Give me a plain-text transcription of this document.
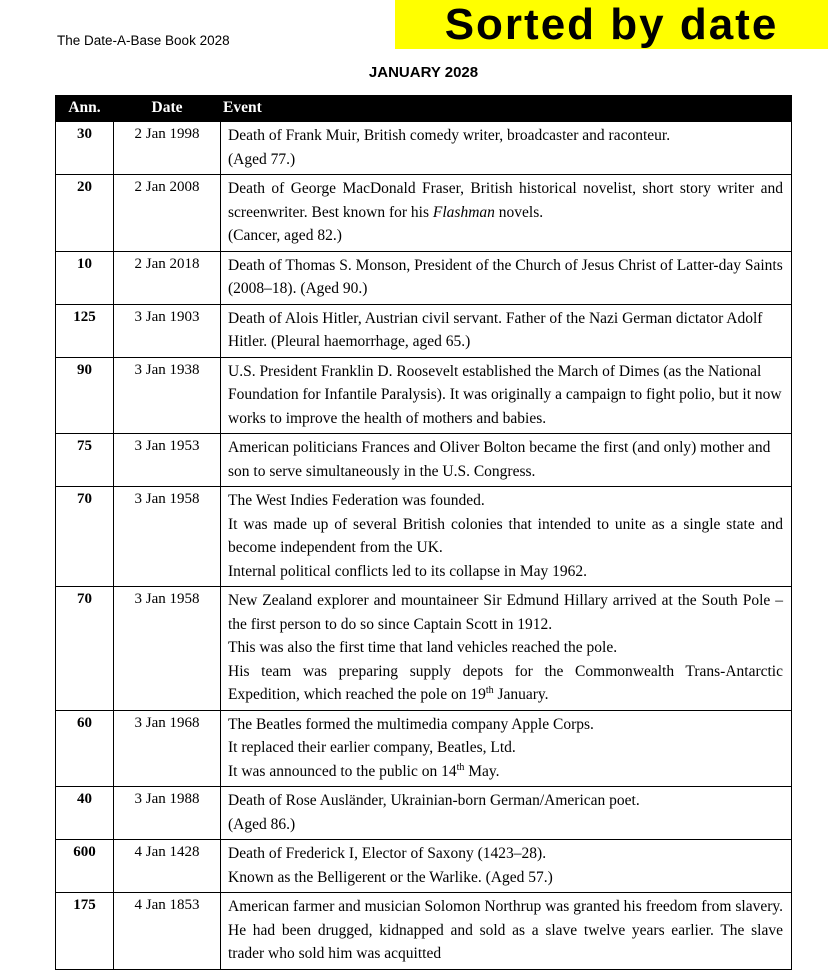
The Date-A-Base Book 2028	Sorted by date
JANUARY 2028
Ann.	Date	Event
30	2 Jan 1998	Death of Frank Muir, British comedy writer, broadcaster and raconteur.

(Aged 77.)

20	2 Jan 2008	Death of George MacDonald Fraser, British historical novelist, short story writer and screenwriter. Best known for his Flashman novels.

(Cancer, aged 82.)

10	2 Jan 2018	Death of Thomas S. Monson, President of the Church of Jesus Christ of Latter-day Saints (2008–18). (Aged 90.)

125	3 Jan 1903	Death of Alois Hitler, Austrian civil servant. Father of the Nazi German dictator Adolf Hitler. (Pleural haemorrhage, aged 65.)

90	3 Jan 1938	U.S. President Franklin D. Roosevelt established the March of Dimes (as the National Foundation for Infantile Paralysis). It was originally a campaign to fight polio, but it now works to improve the health of mothers and babies.

75	3 Jan 1953	American politicians Frances and Oliver Bolton became the first (and only) mother and son to serve simultaneously in the U.S. Congress.

70	3 Jan 1958	The West Indies Federation was founded.

It was made up of several British colonies that intended to unite as a single state and become independent from the UK.

Internal political conflicts led to its collapse in May 1962.

70	3 Jan 1958	New Zealand explorer and mountaineer Sir Edmund Hillary arrived at the South Pole – the first person to do so since Captain Scott in 1912.

This was also the first time that land vehicles reached the pole.

His team was preparing supply depots for the Commonwealth Trans-Antarctic Expedition, which reached the pole on 19th January.

60	3 Jan 1968	The Beatles formed the multimedia company Apple Corps.

It replaced their earlier company, Beatles, Ltd.

It was announced to the public on 14th May.

40	3 Jan 1988	Death of Rose Ausländer, Ukrainian-born German/American poet.

(Aged 86.)

600	4 Jan 1428	Death of Frederick I, Elector of Saxony (1423–28).

Known as the Belligerent or the Warlike. (Aged 57.)

175	4 Jan 1853	American farmer and musician Solomon Northrup was granted his freedom from slavery. He had been drugged, kidnapped and sold as a slave twelve years earlier. The slave trader who sold him was acquitted
